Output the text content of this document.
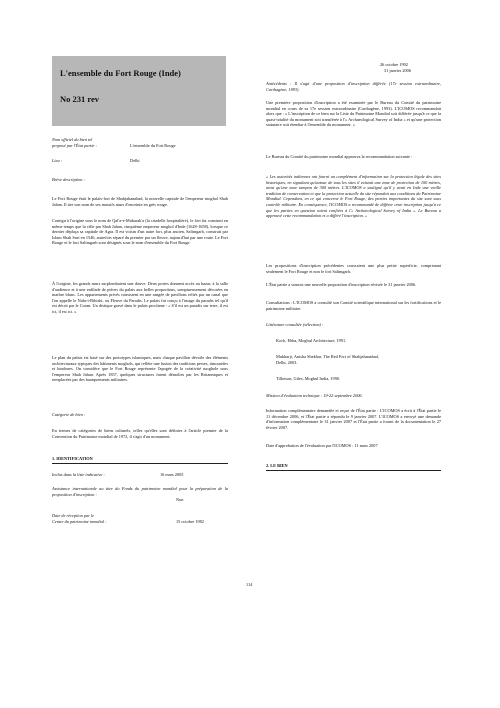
L'ensemble du Fort Rouge (Inde)
No 231 rev
Nom officiel du bien tel
proposé par l'État partie :	L'ensemble du Fort Rouge
Lieu :	Delhi
Brève description :
Le Fort Rouge était le palais-fort de Shahjahanabad, la nouvelle capitale de l'empereur moghol Shah Jahan. Il tire son nom de ses massifs murs d'enceinte en grès rouge.
Contigu à l'origine sous le nom de Qal'a-e-Mubarak'a (la citadelle hospitalière), le fort fut construit en même temps que la ville par Shah Jahan, cinquième empereur moghol d'Inde (1628-1658), lorsque ce dernier déplaça sa capitale de Agra. Il est voisin d'un autre fort, plus ancien, Salimgarh, construit par Islam Shah Suri en 1546, autrefois séparé du premier par un fleuve, aujourd'hui par une route. Le Fort Rouge et le fort Salimgarh sont désignés sous le nom d'ensemble du Fort Rouge.
À l'origine, les grands murs surplombaient une douve. Deux portes donnent accès au bazar, à la salle d'audience et à une enfilade de pièces du palais aux belles proportions, somptueusement décorées en marbre blanc. Les appartements privés consistent en une rangée de pavillons reliés par un canal que l'on appelle le Nahr-i-Bihisht, ou Fleuve du Paradis. Le palais fut conçu à l'image du paradis tel qu'il est décrit par le Coran. Un distique gravé dans le palais proclame : « S'il est un paradis sur terre, il est ici, il est ici. »
Le plan du palais est basé sur des prototypes islamiques, mais chaque pavillon dévoile des éléments architecturaux typiques des bâtiments moghols, qui reflète une fusion des traditions perses, timourides et hindoues. On considère que le Fort Rouge représente l'apogée de la créativité moghole sous l'empereur Shah Jahan. Après 1857, quelques structures furent démolies par les Britanniques et remplacées par des baraquements militaires.
Catégorie de bien :
En termes de catégories de biens culturels, telles qu'elles sont définies à l'article premier de la Convention du Patrimoine mondial de 1972, il s'agit d'un monument.
1. IDENTIFICATION
Inclus dans la liste indicative :	16 mars 2005
Assistance internationale au titre du Fonds du patrimoine mondial pour la préparation de la proposition d'inscription :
Non
Date de réception par le
Centre du patrimoine mondial :	15 octobre 1982
26 octobre 1992
31 janvier 2006
Antécédents : Il s'agit d'une proposition d'inscription différée (17e session extraordinaire, Carthagène, 1993).
Une première proposition d'inscription a été examinée par le Bureau du Comité du patrimoine mondial en cours de sa 17e session extraordinaire (Carthagène, 1993). L'ICOMOS recommandait alors que : « L'inscription de ce bien sur la Liste du Patrimoine Mondial soit différée jusqu'à ce que la quasi-totalité du monument soit transférée à l'« Archaeological Survey of India » et qu'une protection statutaire soit étendue à l'ensemble du monument. »
Le Bureau du Comité du patrimoine mondial approuva la recommandation suivante :
« Les autorités indiennes ont fourni un complément d'information sur la protection légale des sites historiques, en signalant qu'autour de tous les sites il existait une zone de protection de 100 mètres, ainsi qu'une zone tampon de 300 mètres. L'ICOMOS a souligné qu'il y avait en Inde une vieille tradition de conservation et que la protection actuelle du site répondait aux conditions du Patrimoine Mondial. Cependant, en ce qui concerne le Fort Rouge, des parties importantes du site sont sous contrôle militaire. En conséquence, l'ICOMOS a recommandé de différer cette inscription jusqu'à ce que les parties en question soient confiées à l'« Archaeological Survey of India ». Le Bureau a approuvé cette recommandation et a différé l'inscription. »
Les propositions d'inscription précédentes couvraient une plus petite superficie, comprenant seulement le Fort Rouge et non le fort Salimgarh.
L'État partie a soumis une nouvelle proposition d'inscription révisée le 31 janvier 2006.
Consultations : L'ICOMOS a consulté son Comité scientifique international sur les fortifications et le patrimoine militaire.
Littérature consultée (sélection) :
Koch, Ebba, Moghul Architecture, 1991.
Mukharji, Anisha Shekhar, The Red Fort of Shahjahanabad,
Delhi, 2003.
Tillotson, Giles, Moghul India, 1990.
Mission d'évaluation technique : 19-22 septembre 2006.
Information complémentaire demandée et reçue de l'État partie : L'ICOMOS a écrit à l'État partie le 11 décembre 2006, et l'État partie a répondu le 9 janvier 2007. L'ICOMOS a envoyé une demande d'information complémentaire le 31 janvier 2007 et l'État partie a fourni de la documentation le 27 février 2007.
Date d'approbation de l'évaluation par l'ICOMOS : 11 mars 2007
2. LE BIEN
114
